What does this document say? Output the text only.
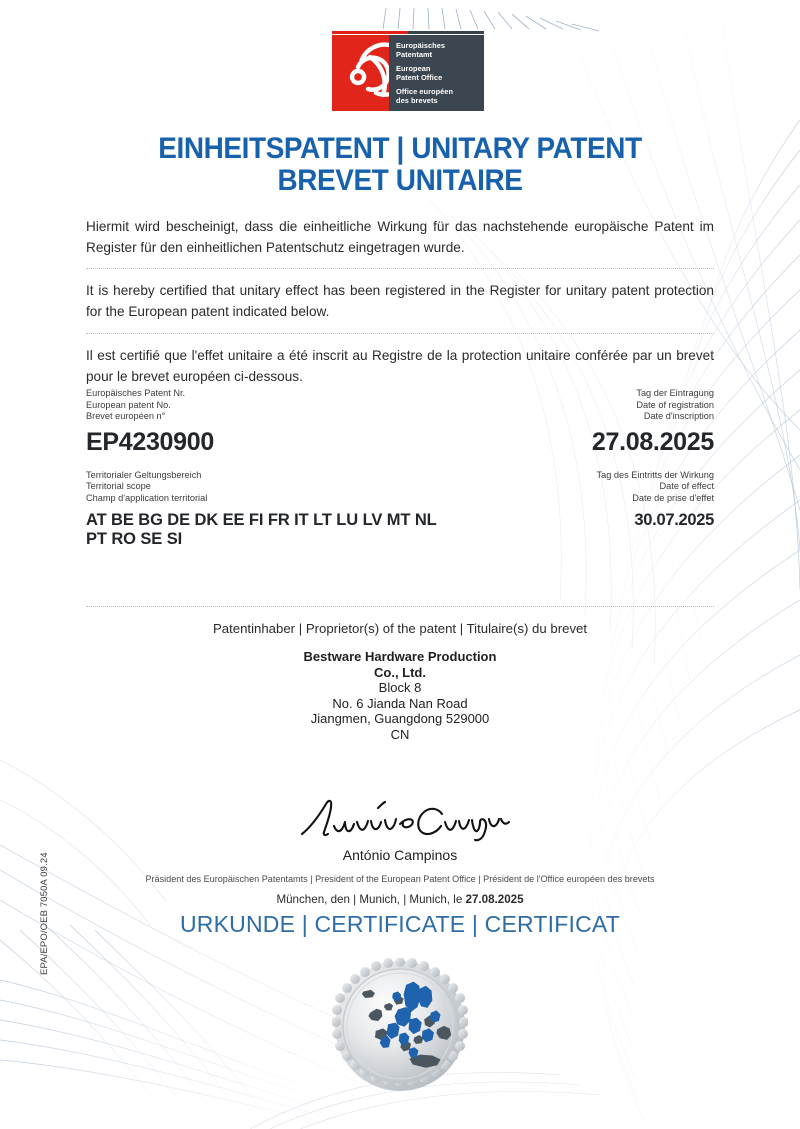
Europäisches
Patentamt
European
Patent Office
Office européen
des brevets
EINHEITSPATENT | UNITARY PATENT
BREVET UNITAIRE
Hiermit wird bescheinigt, dass die einheitliche Wirkung für das nachstehende europäische Patent im Register für den einheitlichen Patentschutz eingetragen wurde.
It is hereby certified that unitary effect has been registered in the Register for unitary patent protection for the European patent indicated below.
Il est certifié que l'effet unitaire a été inscrit au Registre de la protection unitaire conférée par un brevet pour le brevet européen ci-dessous.
Europäisches Patent Nr.
European patent No.
Brevet européen n°
EP4230900
Tag der Eintragung
Date of registration
Date d'inscription
27.08.2025
Territorialer Geltungsbereich
Territorial scope
Champ d'application territorial
AT BE BG DE DK EE FI FR IT LT LU LV MT NL PT RO SE SI
Tag des Eintritts der Wirkung
Date of effect
Date de prise d'effet
30.07.2025
Patentinhaber | Proprietor(s) of the patent | Titulaire(s) du brevet
Bestware Hardware Production
Co., Ltd.
Block 8
No. 6 Jianda Nan Road
Jiangmen, Guangdong 529000
CN
António Campinos
Präsident des Europäischen Patentamts | President of the European Patent Office | Président de l'Office européen des brevets
München, den | Munich, | Munich, le 27.08.2025
URKUNDE | CERTIFICATE | CERTIFICAT
EPA/EPO/OEB 7050A 09.24
